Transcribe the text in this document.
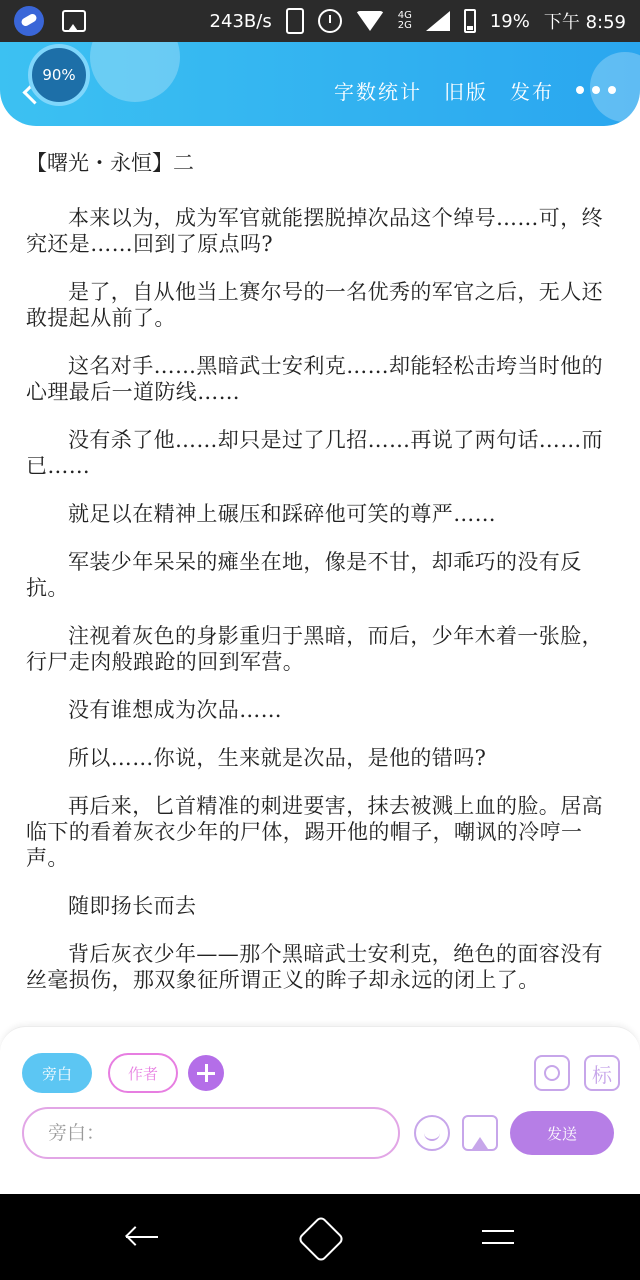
243B/s	4G
2G	19% 下午 8:59
90%
字数统计 旧版 发布

【曙光・永恒】二

本来以为，成为军官就能摆脱掉次品这个绰号……可，终究还是……回到了原点吗?

是了，自从他当上赛尔号的一名优秀的军官之后，无人还敢提起从前了。

这名对手……黑暗武士安利克……却能轻松击垮当时他的心理最后一道防线……

没有杀了他……却只是过了几招……再说了两句话……而已……

就足以在精神上碾压和踩碎他可笑的尊严……

军装少年呆呆的瘫坐在地，像是不甘，却乖巧的没有反抗。

注视着灰色的身影重归于黑暗，而后，少年木着一张脸，行尸走肉般踉跄的回到军营。

没有谁想成为次品……

所以……你说，生来就是次品，是他的错吗?

再后来，匕首精准的刺进要害，抹去被溅上血的脸。居高临下的看着灰衣少年的尸体，踢开他的帽子，嘲讽的冷哼一声。

随即扬长而去

背后灰衣少年——那个黑暗武士安利克，绝色的面容没有丝毫损伤，那双象征所谓正义的眸子却永远的闭上了。

旁白	作者	标
旁白：
发送
